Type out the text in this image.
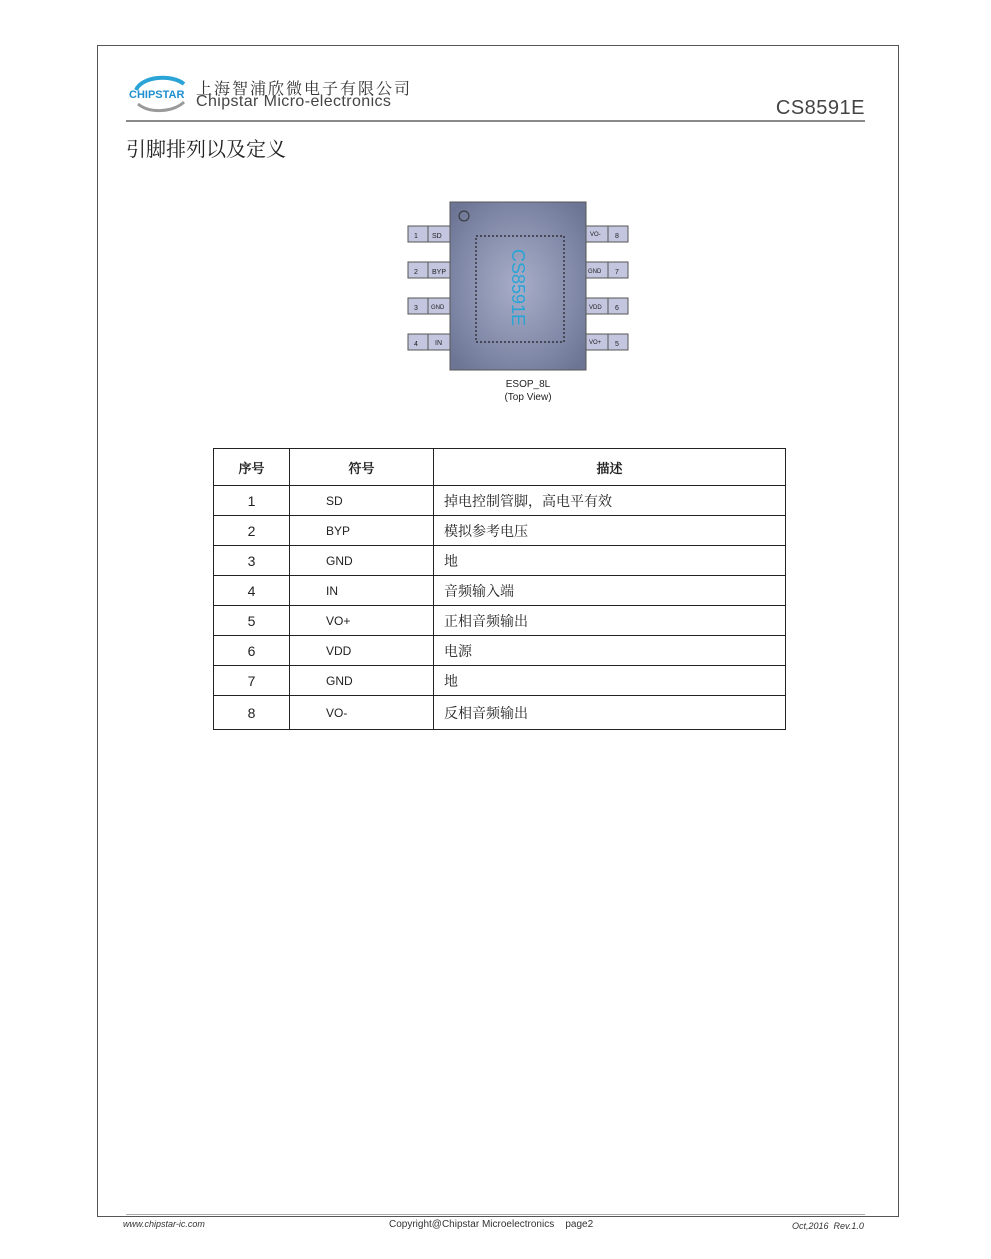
CHIPSTAR 上海智浦欣微电子有限公司
Chipstar Micro-electronics	CS8591E
引脚排列以及定义
CS8591E
1 SD
2 BYP
3 GND
4 IN
VO- 8
GND 7
VDD 6
VO+ 5
ESOP_8L
(Top View)
序号	符号	描述
1	SD	掉电控制管脚，高电平有效
2	BYP	模拟参考电压
3	GND	地
4	IN	音频输入端
5	VO+	正相音频输出
6	VDD	电源
7	GND	地
8	VO-	反相音频输出
www.chipstar-ic.com	Copyright@Chipstar Microelectronics    page2	Oct,2016  Rev.1.0
